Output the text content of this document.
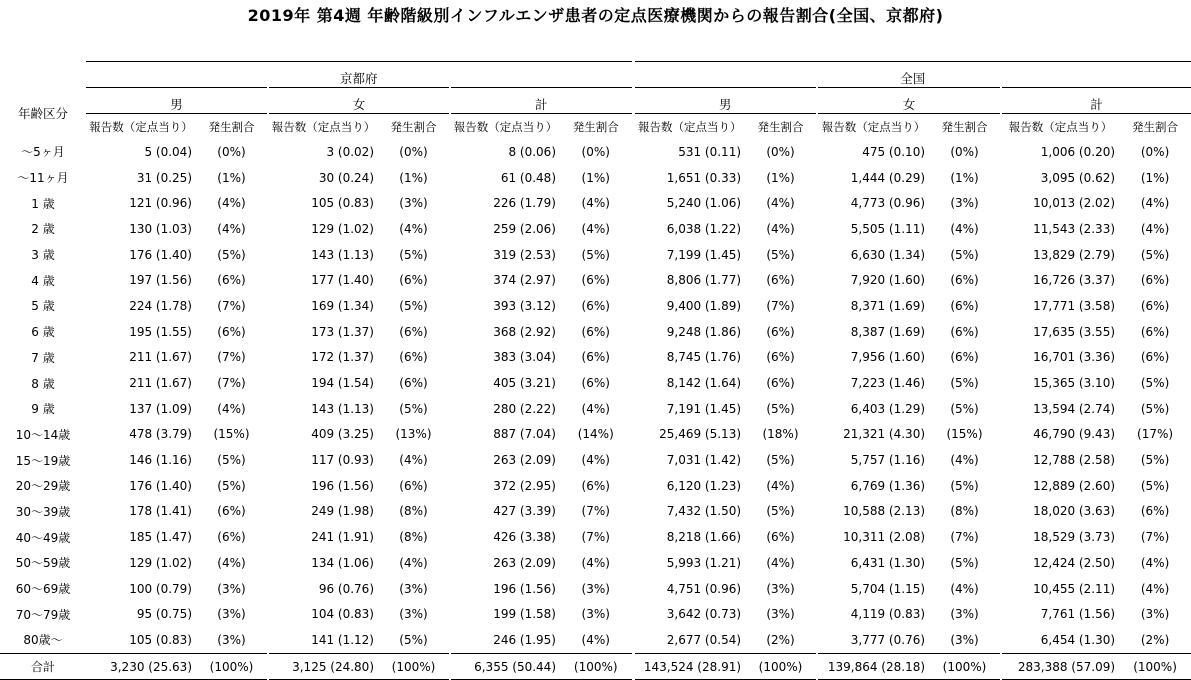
2019年 第4週 年齢階級別インフルエンザ患者の定点医療機関からの報告割合(全国、京都府)
	京都府						全国					
年齢区分	男		女		計		男		女		計	
	報告数（定点当り）	発生割合	報告数（定点当り）	発生割合	報告数（定点当り）	発生割合	報告数（定点当り）	発生割合	報告数（定点当り）	発生割合	報告数（定点当り）	発生割合
～5ヶ月	5 (0.04)	(0%)	3 (0.02)	(0%)	8 (0.06)	(0%)	531 (0.11)	(0%)	475 (0.10)	(0%)	1,006 (0.20)	(0%)
～11ヶ月	31 (0.25)	(1%)	30 (0.24)	(1%)	61 (0.48)	(1%)	1,651 (0.33)	(1%)	1,444 (0.29)	(1%)	3,095 (0.62)	(1%)
1 歳	121 (0.96)	(4%)	105 (0.83)	(3%)	226 (1.79)	(4%)	5,240 (1.06)	(4%)	4,773 (0.96)	(3%)	10,013 (2.02)	(4%)
2 歳	130 (1.03)	(4%)	129 (1.02)	(4%)	259 (2.06)	(4%)	6,038 (1.22)	(4%)	5,505 (1.11)	(4%)	11,543 (2.33)	(4%)
3 歳	176 (1.40)	(5%)	143 (1.13)	(5%)	319 (2.53)	(5%)	7,199 (1.45)	(5%)	6,630 (1.34)	(5%)	13,829 (2.79)	(5%)
4 歳	197 (1.56)	(6%)	177 (1.40)	(6%)	374 (2.97)	(6%)	8,806 (1.77)	(6%)	7,920 (1.60)	(6%)	16,726 (3.37)	(6%)
5 歳	224 (1.78)	(7%)	169 (1.34)	(5%)	393 (3.12)	(6%)	9,400 (1.89)	(7%)	8,371 (1.69)	(6%)	17,771 (3.58)	(6%)
6 歳	195 (1.55)	(6%)	173 (1.37)	(6%)	368 (2.92)	(6%)	9,248 (1.86)	(6%)	8,387 (1.69)	(6%)	17,635 (3.55)	(6%)
7 歳	211 (1.67)	(7%)	172 (1.37)	(6%)	383 (3.04)	(6%)	8,745 (1.76)	(6%)	7,956 (1.60)	(6%)	16,701 (3.36)	(6%)
8 歳	211 (1.67)	(7%)	194 (1.54)	(6%)	405 (3.21)	(6%)	8,142 (1.64)	(6%)	7,223 (1.46)	(5%)	15,365 (3.10)	(5%)
9 歳	137 (1.09)	(4%)	143 (1.13)	(5%)	280 (2.22)	(4%)	7,191 (1.45)	(5%)	6,403 (1.29)	(5%)	13,594 (2.74)	(5%)
10～14歳	478 (3.79)	(15%)	409 (3.25)	(13%)	887 (7.04)	(14%)	25,469 (5.13)	(18%)	21,321 (4.30)	(15%)	46,790 (9.43)	(17%)
15～19歳	146 (1.16)	(5%)	117 (0.93)	(4%)	263 (2.09)	(4%)	7,031 (1.42)	(5%)	5,757 (1.16)	(4%)	12,788 (2.58)	(5%)
20～29歳	176 (1.40)	(5%)	196 (1.56)	(6%)	372 (2.95)	(6%)	6,120 (1.23)	(4%)	6,769 (1.36)	(5%)	12,889 (2.60)	(5%)
30～39歳	178 (1.41)	(6%)	249 (1.98)	(8%)	427 (3.39)	(7%)	7,432 (1.50)	(5%)	10,588 (2.13)	(8%)	18,020 (3.63)	(6%)
40～49歳	185 (1.47)	(6%)	241 (1.91)	(8%)	426 (3.38)	(7%)	8,218 (1.66)	(6%)	10,311 (2.08)	(7%)	18,529 (3.73)	(7%)
50～59歳	129 (1.02)	(4%)	134 (1.06)	(4%)	263 (2.09)	(4%)	5,993 (1.21)	(4%)	6,431 (1.30)	(5%)	12,424 (2.50)	(4%)
60～69歳	100 (0.79)	(3%)	96 (0.76)	(3%)	196 (1.56)	(3%)	4,751 (0.96)	(3%)	5,704 (1.15)	(4%)	10,455 (2.11)	(4%)
70～79歳	95 (0.75)	(3%)	104 (0.83)	(3%)	199 (1.58)	(3%)	3,642 (0.73)	(3%)	4,119 (0.83)	(3%)	7,761 (1.56)	(3%)
80歳～	105 (0.83)	(3%)	141 (1.12)	(5%)	246 (1.95)	(4%)	2,677 (0.54)	(2%)	3,777 (0.76)	(3%)	6,454 (1.30)	(2%)
合計	3,230 (25.63)	(100%)	3,125 (24.80)	(100%)	6,355 (50.44)	(100%)	143,524 (28.91)	(100%)	139,864 (28.18)	(100%)	283,388 (57.09)	(100%)
